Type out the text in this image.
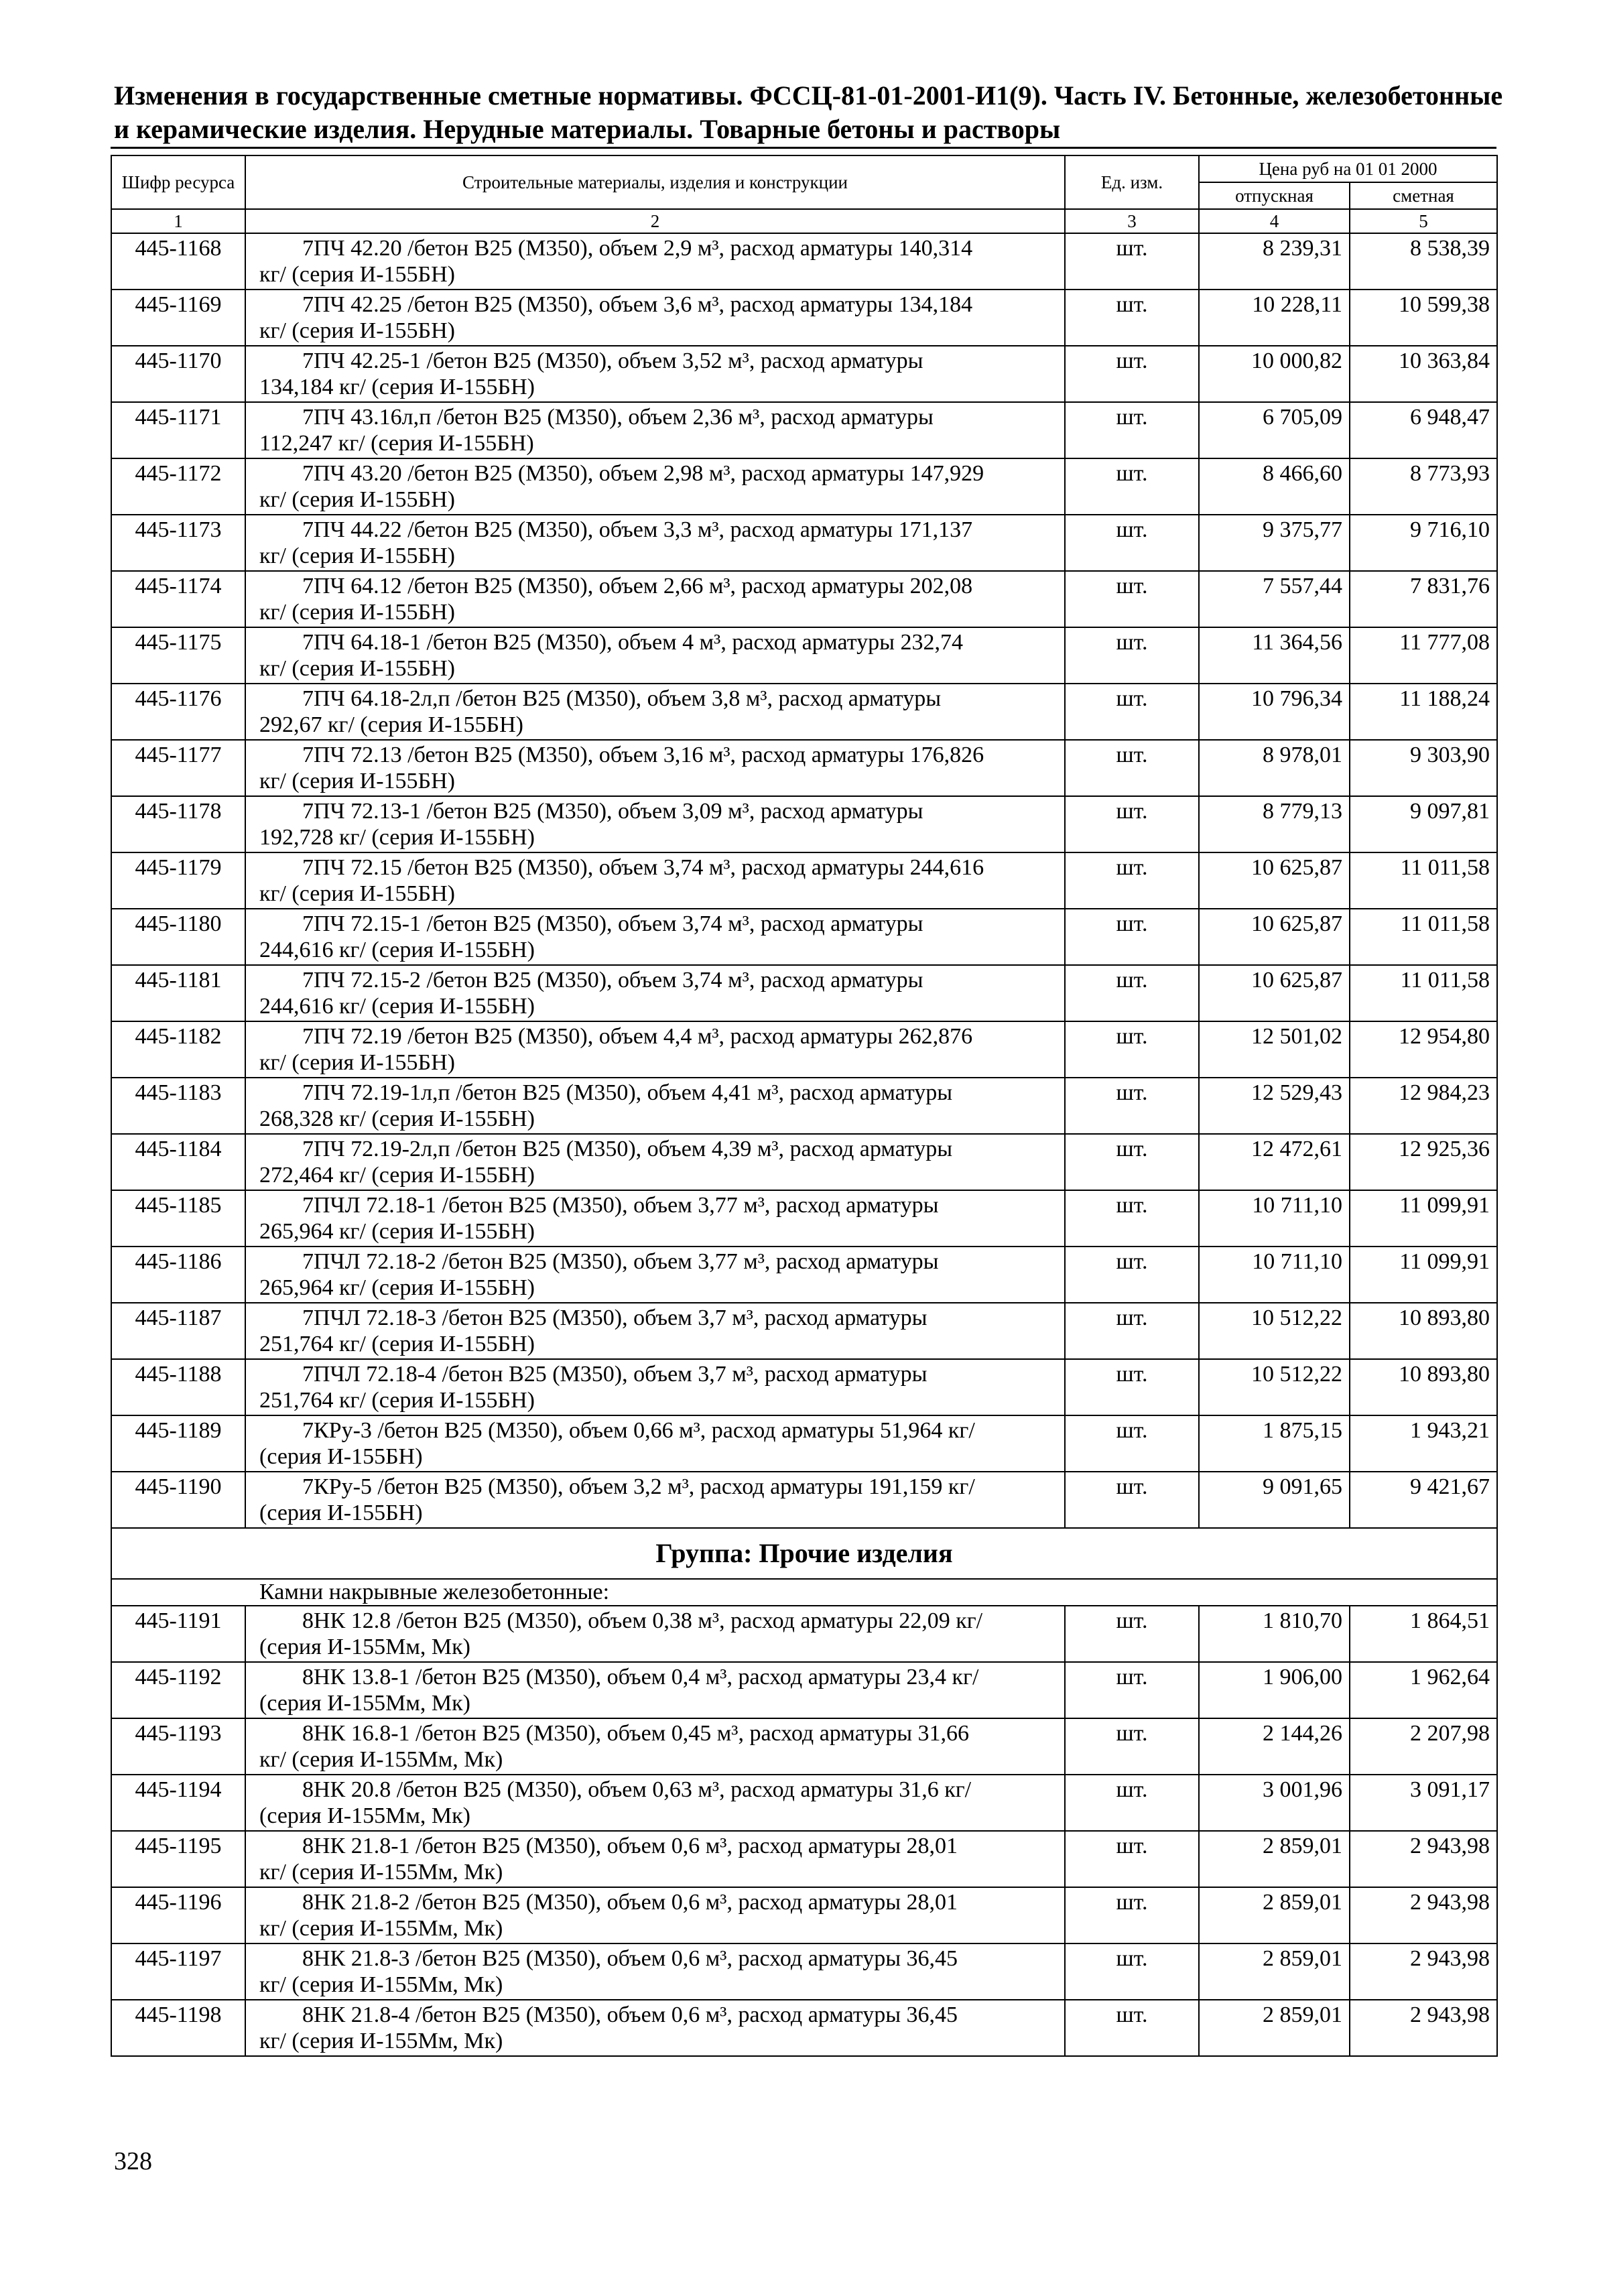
Изменения в государственные сметные нормативы. ФССЦ-81-01-2001-И1(9). Часть IV. Бетонные, железобетонные и керамические изделия. Нерудные материалы. Товарные бетоны и растворы
Шифр ресурса	Строительные материалы, изделия и конструкции	Ед. изм.	Цена руб на 01 01 2000	
			отпускная	сметная
1	2	3	4	5
445-1168	7ПЧ 42.20 /бетон В25 (М350), объем 2,9 м³, расход арматуры 140,314
кг/ (серия И-155БН)	шт.	8 239,31	8 538,39
445-1169	7ПЧ 42.25 /бетон В25 (М350), объем 3,6 м³, расход арматуры 134,184
кг/ (серия И-155БН)	шт.	10 228,11	10 599,38
445-1170	7ПЧ 42.25-1 /бетон В25 (М350), объем 3,52 м³, расход арматуры
134,184 кг/ (серия И-155БН)	шт.	10 000,82	10 363,84
445-1171	7ПЧ 43.16л,п /бетон В25 (М350), объем 2,36 м³, расход арматуры
112,247 кг/ (серия И-155БН)	шт.	6 705,09	6 948,47
445-1172	7ПЧ 43.20 /бетон В25 (М350), объем 2,98 м³, расход арматуры 147,929
кг/ (серия И-155БН)	шт.	8 466,60	8 773,93
445-1173	7ПЧ 44.22 /бетон В25 (М350), объем 3,3 м³, расход арматуры 171,137
кг/ (серия И-155БН)	шт.	9 375,77	9 716,10
445-1174	7ПЧ 64.12 /бетон В25 (М350), объем 2,66 м³, расход арматуры 202,08
кг/ (серия И-155БН)	шт.	7 557,44	7 831,76
445-1175	7ПЧ 64.18-1 /бетон В25 (М350), объем 4 м³, расход арматуры 232,74
кг/ (серия И-155БН)	шт.	11 364,56	11 777,08
445-1176	7ПЧ 64.18-2л,п /бетон В25 (М350), объем 3,8 м³, расход арматуры
292,67 кг/ (серия И-155БН)	шт.	10 796,34	11 188,24
445-1177	7ПЧ 72.13 /бетон В25 (М350), объем 3,16 м³, расход арматуры 176,826
кг/ (серия И-155БН)	шт.	8 978,01	9 303,90
445-1178	7ПЧ 72.13-1 /бетон В25 (М350), объем 3,09 м³, расход арматуры
192,728 кг/ (серия И-155БН)	шт.	8 779,13	9 097,81
445-1179	7ПЧ 72.15 /бетон В25 (М350), объем 3,74 м³, расход арматуры 244,616
кг/ (серия И-155БН)	шт.	10 625,87	11 011,58
445-1180	7ПЧ 72.15-1 /бетон В25 (М350), объем 3,74 м³, расход арматуры
244,616 кг/ (серия И-155БН)	шт.	10 625,87	11 011,58
445-1181	7ПЧ 72.15-2 /бетон В25 (М350), объем 3,74 м³, расход арматуры
244,616 кг/ (серия И-155БН)	шт.	10 625,87	11 011,58
445-1182	7ПЧ 72.19 /бетон В25 (М350), объем 4,4 м³, расход арматуры 262,876
кг/ (серия И-155БН)	шт.	12 501,02	12 954,80
445-1183	7ПЧ 72.19-1л,п /бетон В25 (М350), объем 4,41 м³, расход арматуры
268,328 кг/ (серия И-155БН)	шт.	12 529,43	12 984,23
445-1184	7ПЧ 72.19-2л,п /бетон В25 (М350), объем 4,39 м³, расход арматуры
272,464 кг/ (серия И-155БН)	шт.	12 472,61	12 925,36
445-1185	7ПЧЛ 72.18-1 /бетон В25 (М350), объем 3,77 м³, расход арматуры
265,964 кг/ (серия И-155БН)	шт.	10 711,10	11 099,91
445-1186	7ПЧЛ 72.18-2 /бетон В25 (М350), объем 3,77 м³, расход арматуры
265,964 кг/ (серия И-155БН)	шт.	10 711,10	11 099,91
445-1187	7ПЧЛ 72.18-3 /бетон В25 (М350), объем 3,7 м³, расход арматуры
251,764 кг/ (серия И-155БН)	шт.	10 512,22	10 893,80
445-1188	7ПЧЛ 72.18-4 /бетон В25 (М350), объем 3,7 м³, расход арматуры
251,764 кг/ (серия И-155БН)	шт.	10 512,22	10 893,80
445-1189	7КРу-3 /бетон В25 (М350), объем 0,66 м³, расход арматуры 51,964 кг/
(серия И-155БН)	шт.	1 875,15	1 943,21
445-1190	7КРу-5 /бетон В25 (М350), объем 3,2 м³, расход арматуры 191,159 кг/
(серия И-155БН)	шт.	9 091,65	9 421,67
Группа: Прочие изделия				
Камни накрывные железобетонные:				
445-1191	8НК 12.8 /бетон В25 (М350), объем 0,38 м³, расход арматуры 22,09 кг/
(серия И-155Мм, Мк)	шт.	1 810,70	1 864,51
445-1192	8НК 13.8-1 /бетон В25 (М350), объем 0,4 м³, расход арматуры 23,4 кг/
(серия И-155Мм, Мк)	шт.	1 906,00	1 962,64
445-1193	8НК 16.8-1 /бетон В25 (М350), объем 0,45 м³, расход арматуры 31,66
кг/ (серия И-155Мм, Мк)	шт.	2 144,26	2 207,98
445-1194	8НК 20.8 /бетон В25 (М350), объем 0,63 м³, расход арматуры 31,6 кг/
(серия И-155Мм, Мк)	шт.	3 001,96	3 091,17
445-1195	8НК 21.8-1 /бетон В25 (М350), объем 0,6 м³, расход арматуры 28,01
кг/ (серия И-155Мм, Мк)	шт.	2 859,01	2 943,98
445-1196	8НК 21.8-2 /бетон В25 (М350), объем 0,6 м³, расход арматуры 28,01
кг/ (серия И-155Мм, Мк)	шт.	2 859,01	2 943,98
445-1197	8НК 21.8-3 /бетон В25 (М350), объем 0,6 м³, расход арматуры 36,45
кг/ (серия И-155Мм, Мк)	шт.	2 859,01	2 943,98
445-1198	8НК 21.8-4 /бетон В25 (М350), объем 0,6 м³, расход арматуры 36,45
кг/ (серия И-155Мм, Мк)	шт.	2 859,01	2 943,98
328
